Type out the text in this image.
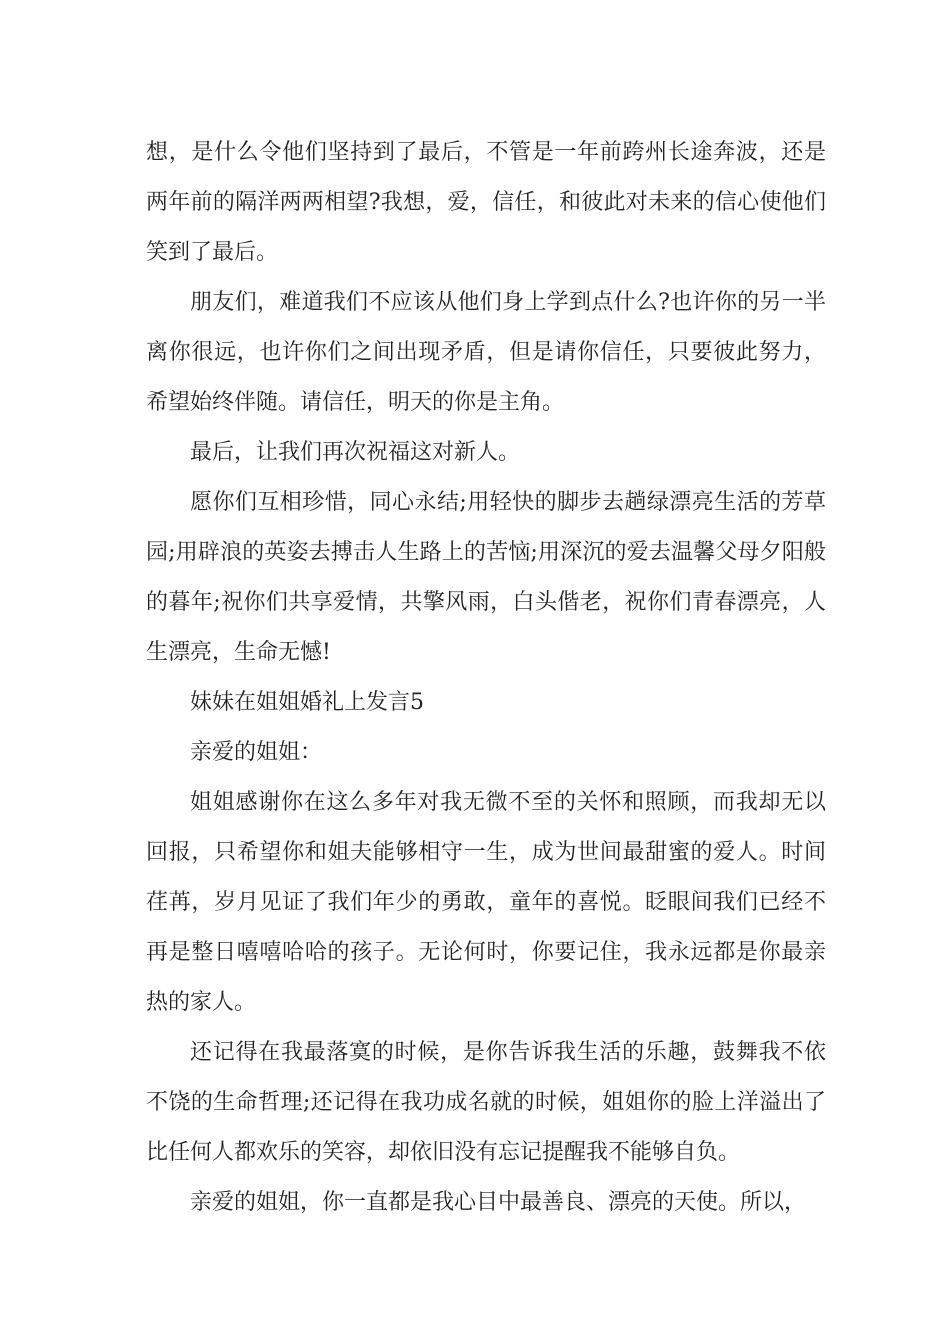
想，是什么令他们坚持到了最后，不管是一年前跨州长途奔波，还是两年前的隔洋两两相望?我想，爱，信任，和彼此对未来的信心使他们笑到了最后。

朋友们，难道我们不应该从他们身上学到点什么?也许你的另一半离你很远，也许你们之间出现矛盾，但是请你信任，只要彼此努力，希望始终伴随。请信任，明天的你是主角。

最后，让我们再次祝福这对新人。

愿你们互相珍惜，同心永结;用轻快的脚步去趟绿漂亮生活的芳草园;用辟浪的英姿去搏击人生路上的苦恼;用深沉的爱去温馨父母夕阳般的暮年;祝你们共享爱情，共擎风雨，白头偕老，祝你们青春漂亮，人生漂亮，生命无憾!

妹妹在姐姐婚礼上发言5

亲爱的姐姐：

姐姐感谢你在这么多年对我无微不至的关怀和照顾，而我却无以回报，只希望你和姐夫能够相守一生，成为世间最甜蜜的爱人。时间荏苒，岁月见证了我们年少的勇敢，童年的喜悦。眨眼间我们已经不再是整日嘻嘻哈哈的孩子。无论何时，你要记住，我永远都是你最亲热的家人。

还记得在我最落寞的时候，是你告诉我生活的乐趣，鼓舞我不依不饶的生命哲理;还记得在我功成名就的时候，姐姐你的脸上洋溢出了比任何人都欢乐的笑容，却依旧没有忘记提醒我不能够自负。

亲爱的姐姐，你一直都是我心目中最善良、漂亮的天使。所以，
